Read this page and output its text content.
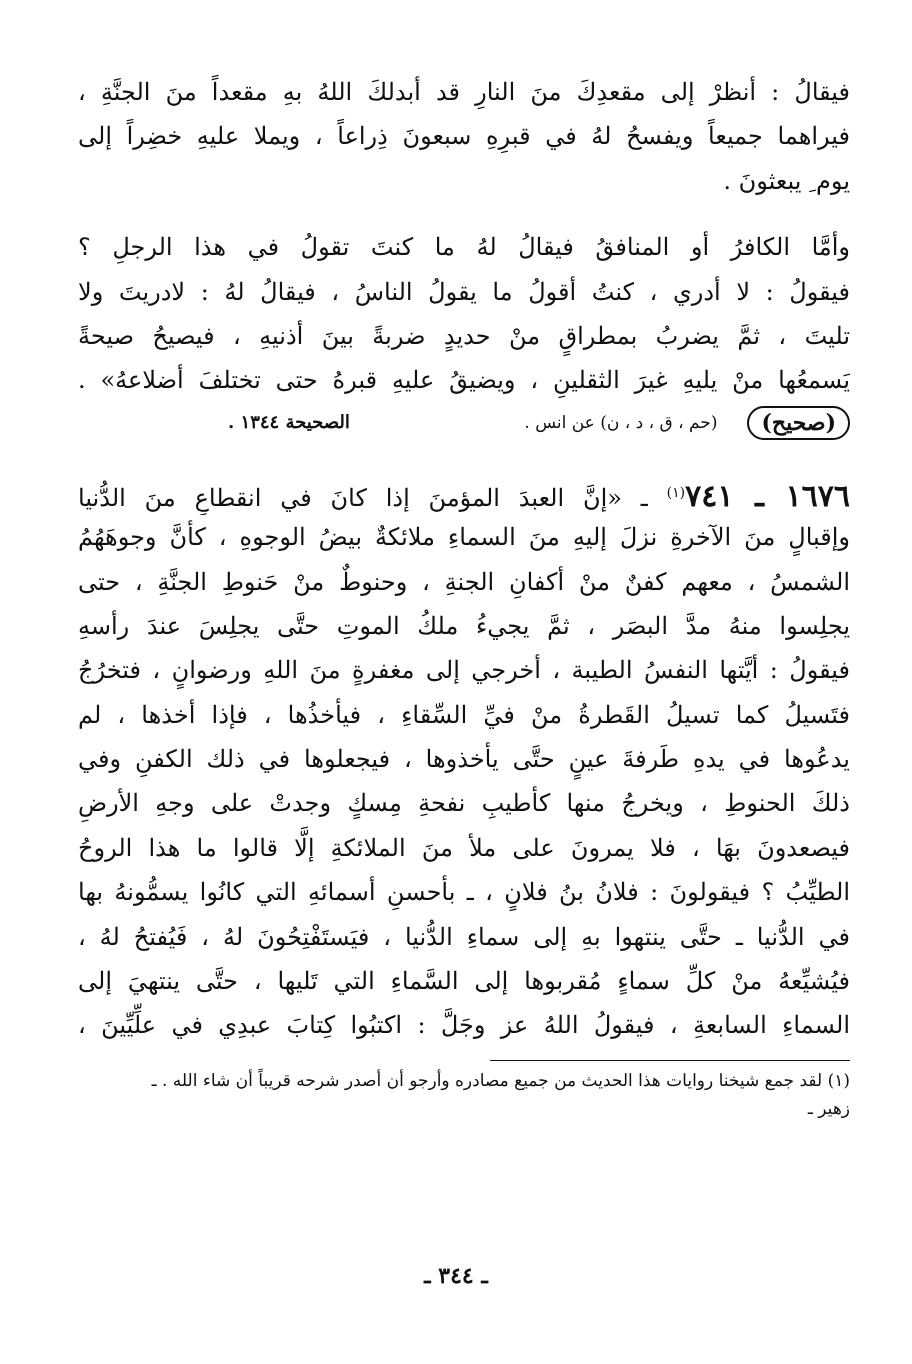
فيقالُ : أنظرْ إلى مقعدِكَ منَ النارِ قد أبدلكَ اللهُ بهِ مقعداً منَ الجنَّةِ ،
فيراهما جميعاً ويفسحُ لهُ في قبرِهِ سبعونَ ذِراعاً ، ويملا عليهِ خضِراً إلى
يوم ِ يبعثونَ .
وأمَّا الكافرُ أو المنافقُ فيقالُ لهُ ما كنتَ تقولُ في هذا الرجلِ ؟
فيقولُ : لا أدري ، كنتُ أقولُ ما يقولُ الناسُ ، فيقالُ لهُ : لادريتَ ولا
تليتَ ، ثمَّ يضربُ بمطراقٍ منْ حديدٍ ضربةً بينَ أذنيهِ ، فيصيحُ صيحةً
يَسمعُها منْ يليهِ غيرَ الثقلينِ ، ويضيقُ عليهِ قبرهُ حتى تختلفَ أضلاعهُ» .
(صحيح)
(حم ، ق ، د ، ن) عن انس .
الصحيحة ١٣٤٤ .
١٦٧٦ ـ ٧٤١$^{(١)}$ ـ «إنَّ العبدَ المؤمنَ إذا كانَ في انقطاعٍ منَ الدُّنيا
وإقبالٍ منَ الآخرةِ نزلَ إليهِ منَ السماءِ ملائكةٌ بيضُ الوجوهِ ، كأنَّ وجوهَهُمُ
الشمسُ ، معهم كفنٌ منْ أكفانِ الجنةِ ، وحنوطٌ منْ حَنوطِ الجنَّةِ ، حتى
يجلِسوا منهُ مدَّ البصَر ، ثمَّ يجيءُ ملكُ الموتِ حتَّى يجلِسَ عندَ رأسهِ
فيقولُ : أيَّتها النفسُ الطيبة ، أخرجي إلى مغفرةٍ منَ اللهِ ورضوانٍ ، فتخرُجُ
فتَسيلُ كما تسيلُ القَطرةُ منْ فيِّ السِّقاءِ ، فيأخذُها ، فإذا أخذها ، لم
يدعُوها في يدهِ طَرفةَ عينٍ حتَّى يأخذوها ، فيجعلوها في ذلك الكفنِ وفي
ذلكَ الحنوطِ ، ويخرجُ منها كأطيبِ نفحةِ مِسكٍ وجدتْ على وجهِ الأرضِ
فيصعدونَ بهَا ، فلا يمرونَ على ملأ منَ الملائكةِ إلَّا قالوا ما هذا الروحُ
الطيِّبُ ؟ فيقولونَ : فلانُ بنُ فلانٍ ، ـ بأحسنِ أسمائهِ التي كانُوا يسمُّونهُ بها
في الدُّنيا ـ حتَّى ينتهوا بهِ إلى سماءِ الدُّنيا ، فيَستَفْتِحُونَ لهُ ، فَيُفتحُ لهُ ،
فيُشيِّعهُ منْ كلِّ سماءٍ مُقربوها إلى السَّماءِ التي تَليها ، حتَّى ينتهيَ إلى
السماءِ السابعةِ ، فيقولُ اللهُ عز وجَلَّ : اكتبُوا كِتابَ عبدِي في علِّيِّينَ ،
(١) لقد جمع شيخنا روايات هذا الحديث من جميع مصادره وأرجو أن أصدر شرحه قريباً أن شاء الله . ـ
زهير ـ
ـ ٣٤٤ ـ
